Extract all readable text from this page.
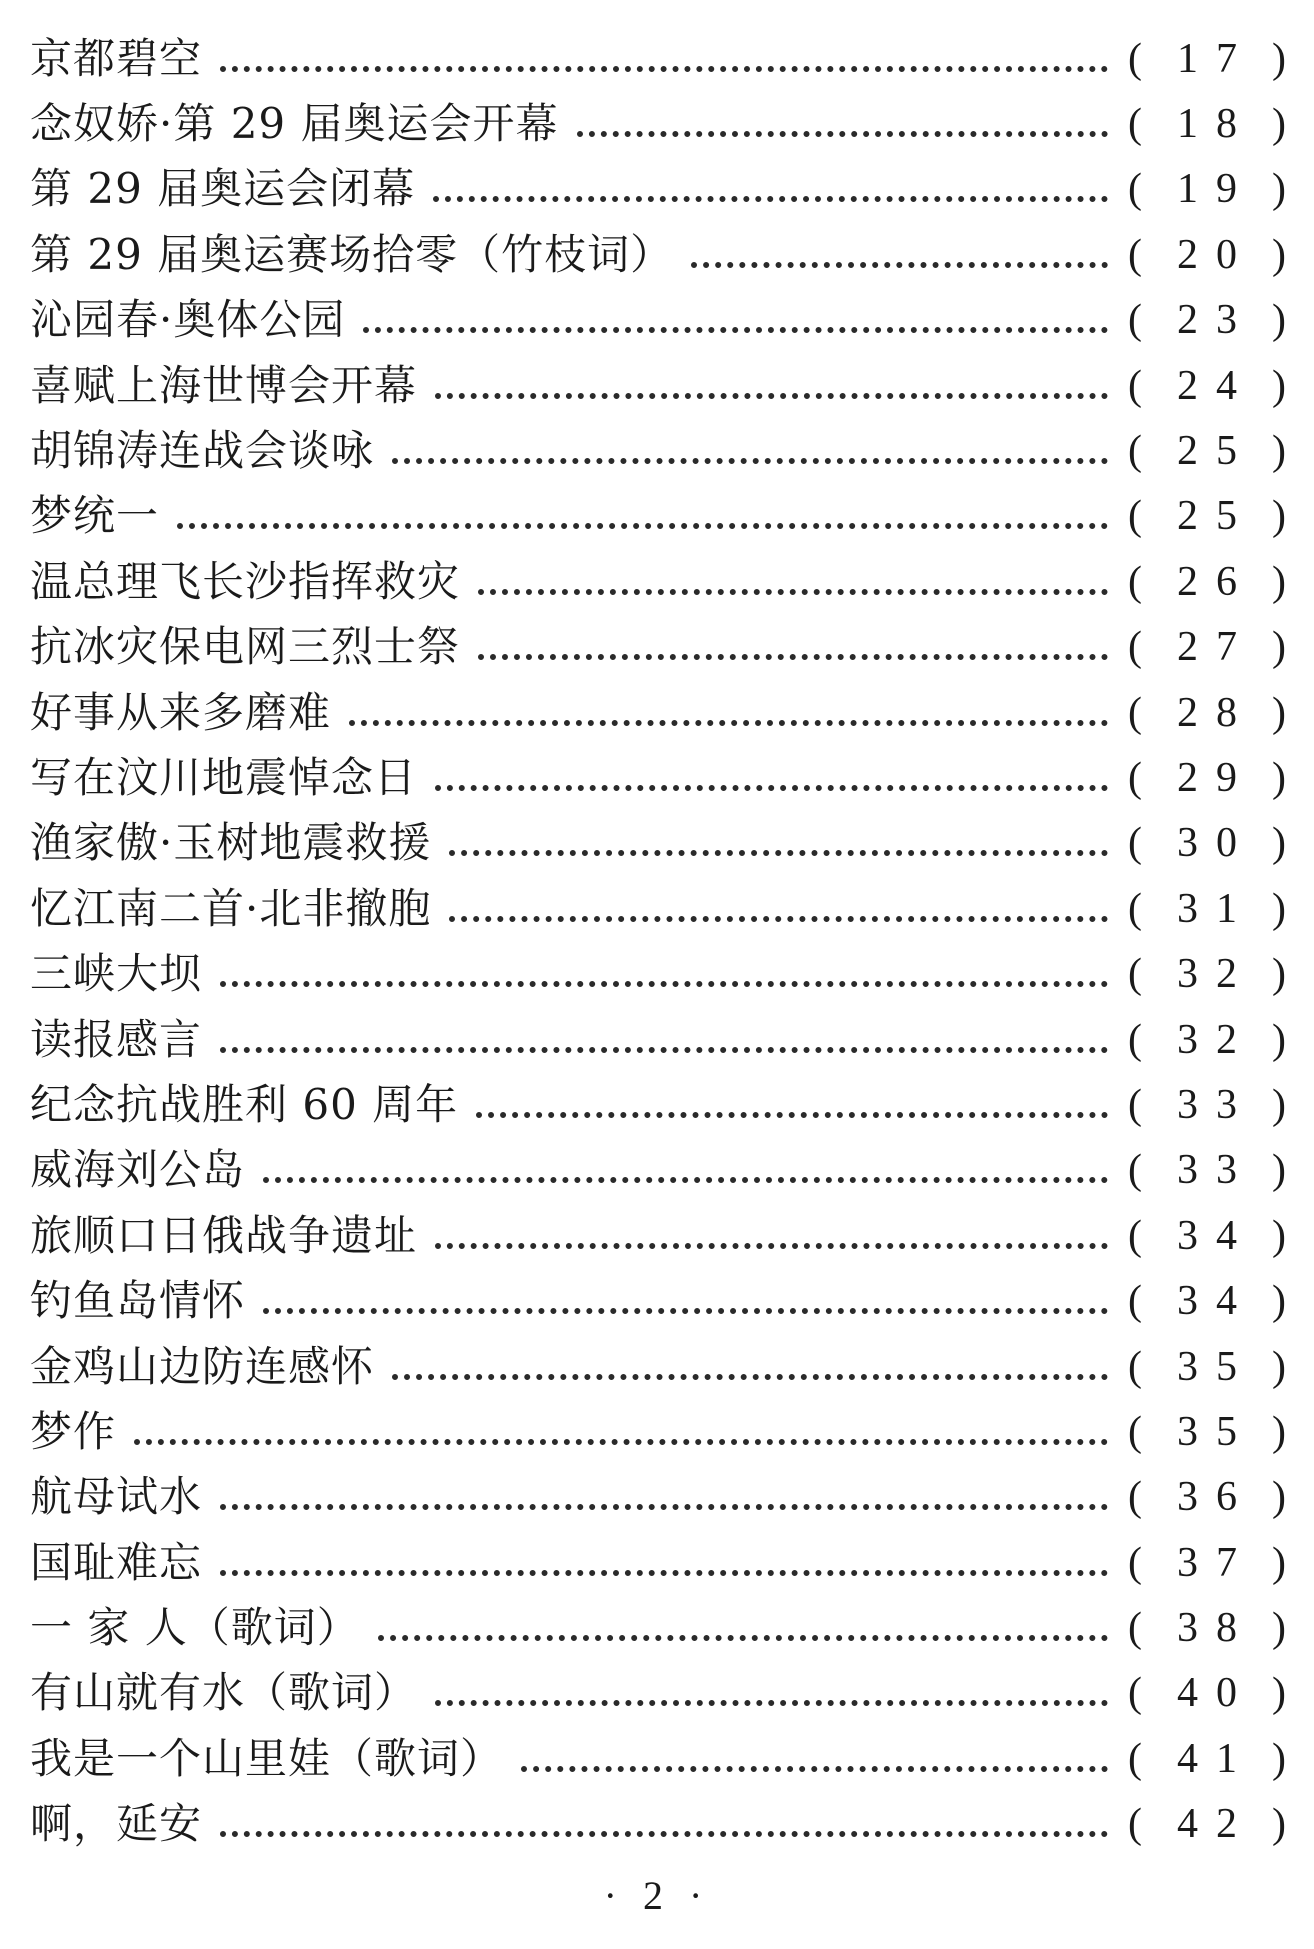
京都碧空	( 17 )
念奴娇·第 29 届奥运会开幕	( 18 )
第 29 届奥运会闭幕	( 19 )
第 29 届奥运赛场拾零（竹枝词）	( 20 )
沁园春·奥体公园	( 23 )
喜赋上海世博会开幕	( 24 )
胡锦涛连战会谈咏	( 25 )
梦统一	( 25 )
温总理飞长沙指挥救灾	( 26 )
抗冰灾保电网三烈士祭	( 27 )
好事从来多磨难	( 28 )
写在汶川地震悼念日	( 29 )
渔家傲·玉树地震救援	( 30 )
忆江南二首·北非撤胞	( 31 )
三峡大坝	( 32 )
读报感言	( 32 )
纪念抗战胜利 60 周年	( 33 )
威海刘公岛	( 33 )
旅顺口日俄战争遗址	( 34 )
钓鱼岛情怀	( 34 )
金鸡山边防连感怀	( 35 )
梦作	( 35 )
航母试水	( 36 )
国耻难忘	( 37 )
一 家 人（歌词）	( 38 )
有山就有水（歌词）	( 40 )
我是一个山里娃（歌词）	( 41 )
啊，延安	( 42 )
· 2 ·
